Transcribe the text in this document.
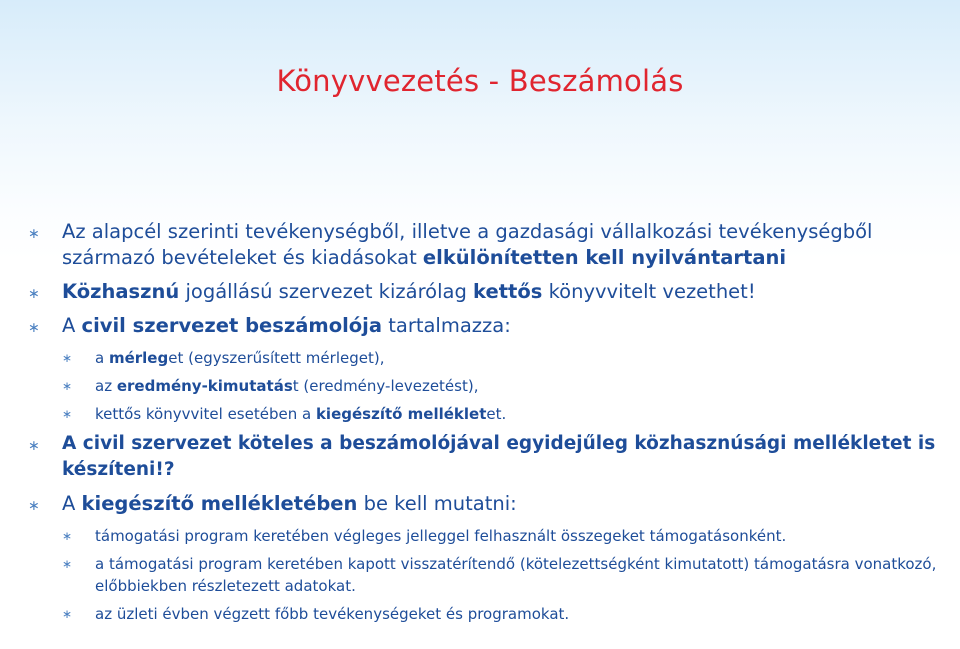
Könyvvezetés - Beszámolás
∗ Az alapcél szerinti tevékenységből, illetve a gazdasági vállalkozási tevékenységből származó bevételeket és kiadásokat elkülönítetten kell nyilvántartani
∗ Közhasznú jogállású szervezet kizárólag kettős könyvvitelt vezethet!
∗ A civil szervezet beszámolója tartalmazza:
∗ a mérleget (egyszerűsített mérleget),
∗ az eredmény-kimutatást (eredmény-levezetést),
∗ kettős könyvvitel esetében a kiegészítő mellékletet.
∗ A civil szervezet köteles a beszámolójával egyidejűleg közhasznúsági mellékletet is készíteni!?
∗ A kiegészítő mellékletében be kell mutatni:
∗ támogatási program keretében végleges jelleggel felhasznált összegeket támogatásonként.
∗ a támogatási program keretében kapott visszatérítendő (kötelezettségként kimutatott) támogatásra vonatkozó, előbbiekben részletezett adatokat.
∗ az üzleti évben végzett főbb tevékenységeket és programokat.
